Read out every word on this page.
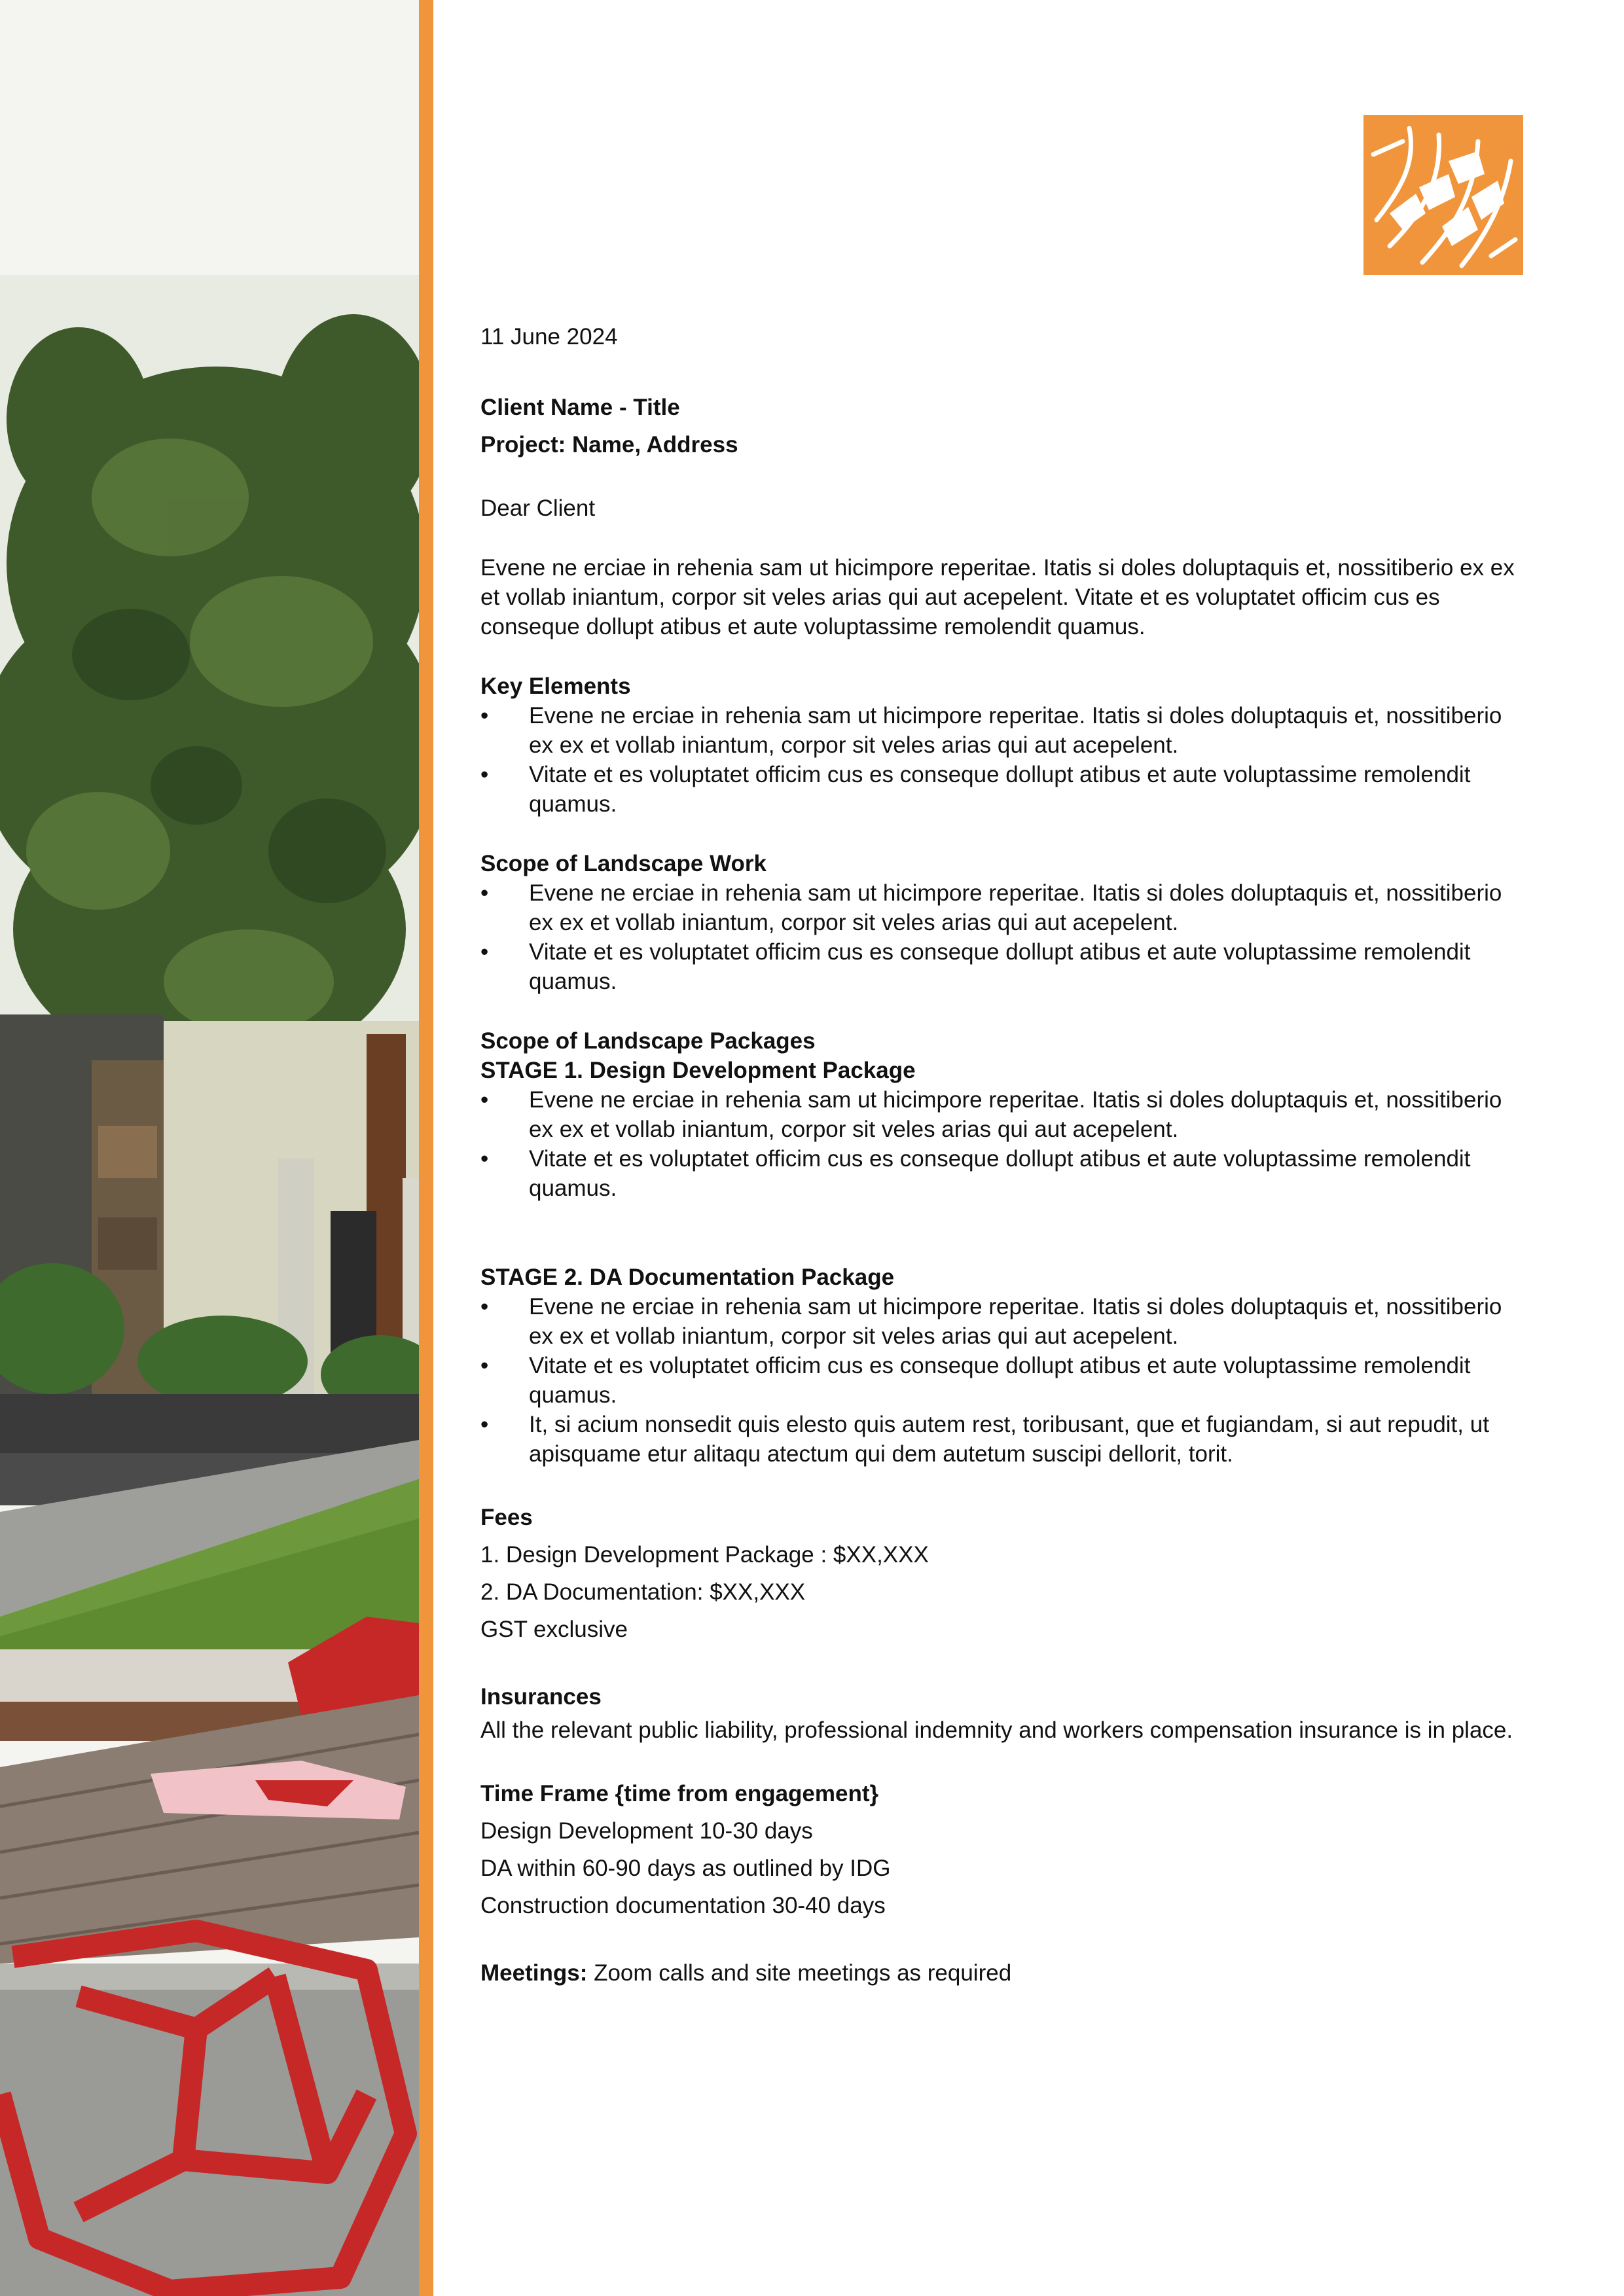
11 June 2024

Client Name - Title

Project: Name, Address

Dear Client

Evene ne erciae in rehenia sam ut hicimpore reperitae. Itatis si doles doluptaquis et, nossitiberio ex ex et vollab iniantum, corpor sit veles arias qui aut acepelent. Vitate et es voluptatet officim cus es conseque dollupt atibus et aute voluptassime remolendit quamus.

Key Elements

• Evene ne erciae in rehenia sam ut hicimpore reperitae. Itatis si doles doluptaquis et, nossitiberio ex ex et vollab iniantum, corpor sit veles arias qui aut acepelent.
• Vitate et es voluptatet officim cus es conseque dollupt atibus et aute voluptassime remolendit quamus.

Scope of Landscape Work

• Evene ne erciae in rehenia sam ut hicimpore reperitae. Itatis si doles doluptaquis et, nossitiberio ex ex et vollab iniantum, corpor sit veles arias qui aut acepelent.
• Vitate et es voluptatet officim cus es conseque dollupt atibus et aute voluptassime remolendit quamus.

Scope of Landscape Packages

STAGE 1. Design Development Package

• Evene ne erciae in rehenia sam ut hicimpore reperitae. Itatis si doles doluptaquis et, nossitiberio ex ex et vollab iniantum, corpor sit veles arias qui aut acepelent.
• Vitate et es voluptatet officim cus es conseque dollupt atibus et aute voluptassime remolendit quamus.

STAGE 2. DA Documentation Package

• Evene ne erciae in rehenia sam ut hicimpore reperitae. Itatis si doles doluptaquis et, nossitiberio ex ex et vollab iniantum, corpor sit veles arias qui aut acepelent.
• Vitate et es voluptatet officim cus es conseque dollupt atibus et aute voluptassime remolendit quamus.
• It, si acium nonsedit quis elesto quis autem rest, toribusant, que et fugiandam, si aut repudit, ut apisquame etur alitaqu atectum qui dem autetum suscipi dellorit, torit.

Fees

1. Design Development Package : $XX,XXX

2. DA Documentation: $XX,XXX

GST exclusive

Insurances

All the relevant public liability, professional indemnity and workers compensation insurance is in place.

Time Frame {time from engagement}

Design Development 10-30 days

DA within 60-90 days as outlined by IDG

Construction documentation 30-40 days

Meetings: Zoom calls and site meetings as required
